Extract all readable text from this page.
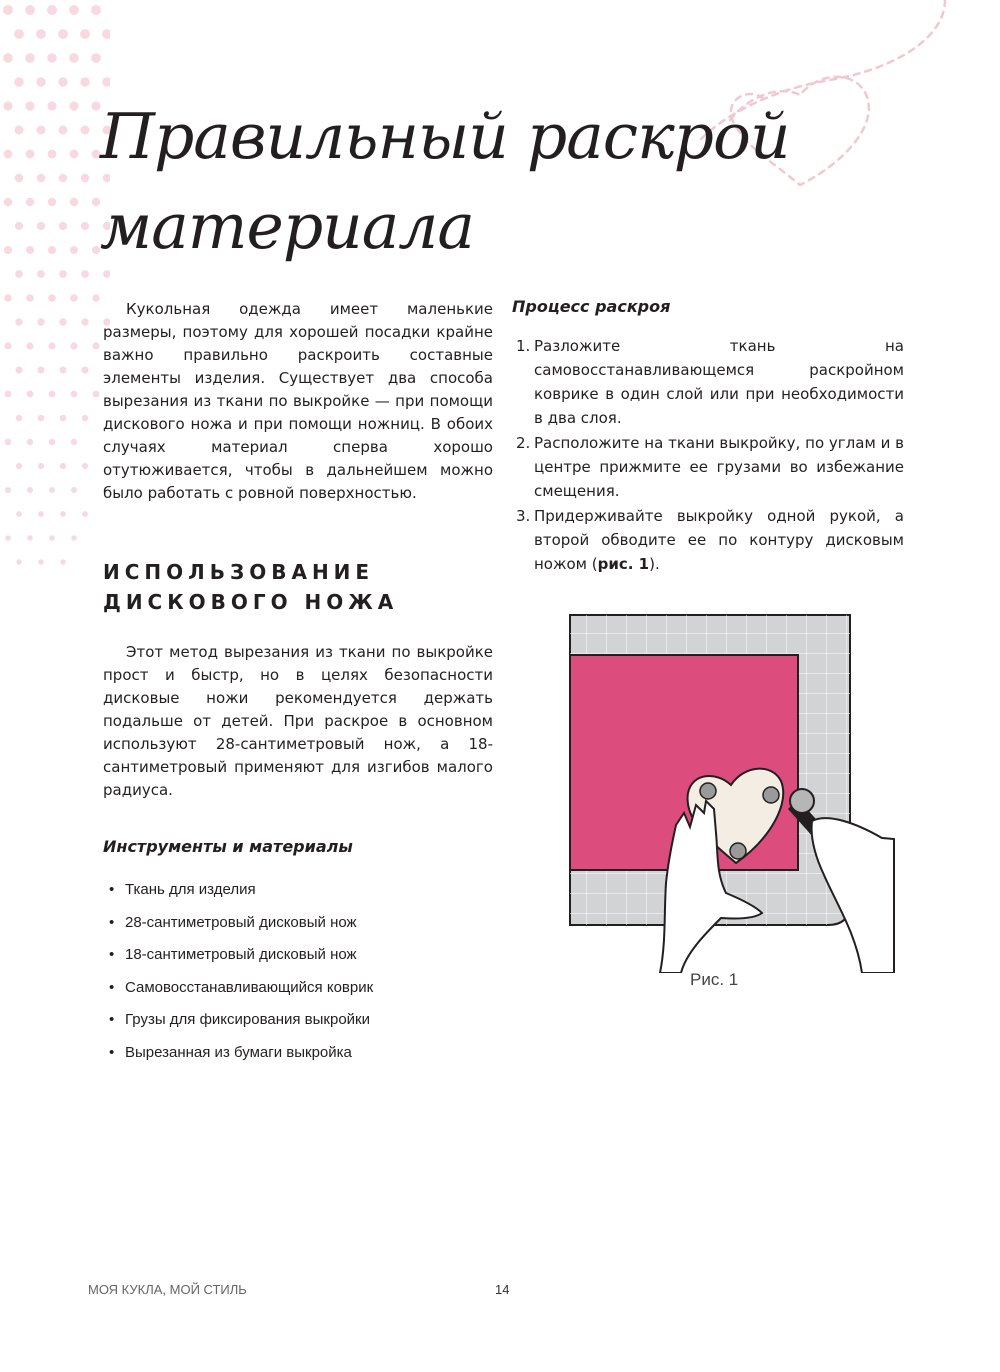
Правильный раскрой
материала

Кукольная одежда имеет маленькие размеры, поэтому для хорошей посадки крайне важно правильно раскроить составные элементы изделия. Существует два способа вырезания из ткани по выкройке — при помощи дискового ножа и при помощи ножниц. В обоих случаях материал сперва хорошо отутюживается, чтобы в дальнейшем можно было работать с ровной поверхностью.

ИСПОЛЬЗОВАНИЕ
ДИСКОВОГО НОЖА

Этот метод вырезания из ткани по выкройке прост и быстр, но в целях безопасности дисковые ножи рекомендуется держать подальше от детей. При раскрое в основном используют 28-сантиметровый нож, а 18-сантиметровый применяют для изгибов малого радиуса.

Инструменты и материалы
• Ткань для изделия
• 28-сантиметровый дисковый нож
• 18-сантиметровый дисковый нож
• Самовосстанавливающийся коврик
• Грузы для фиксирования выкройки
• Вырезанная из бумаги выкройка
Процесс раскроя
1. Разложите ткань на самовосстанавливающемся раскройном коврике в один слой или при необходимости в два слоя.
2. Расположите на ткани выкройку, по углам и в центре прижмите ее грузами во избежание смещения.
3. Придерживайте выкройку одной рукой, а второй обводите ее по контуру дисковым ножом (рис. 1).
Рис. 1
МОЯ КУКЛА, МОЙ СТИЛЬ	14
